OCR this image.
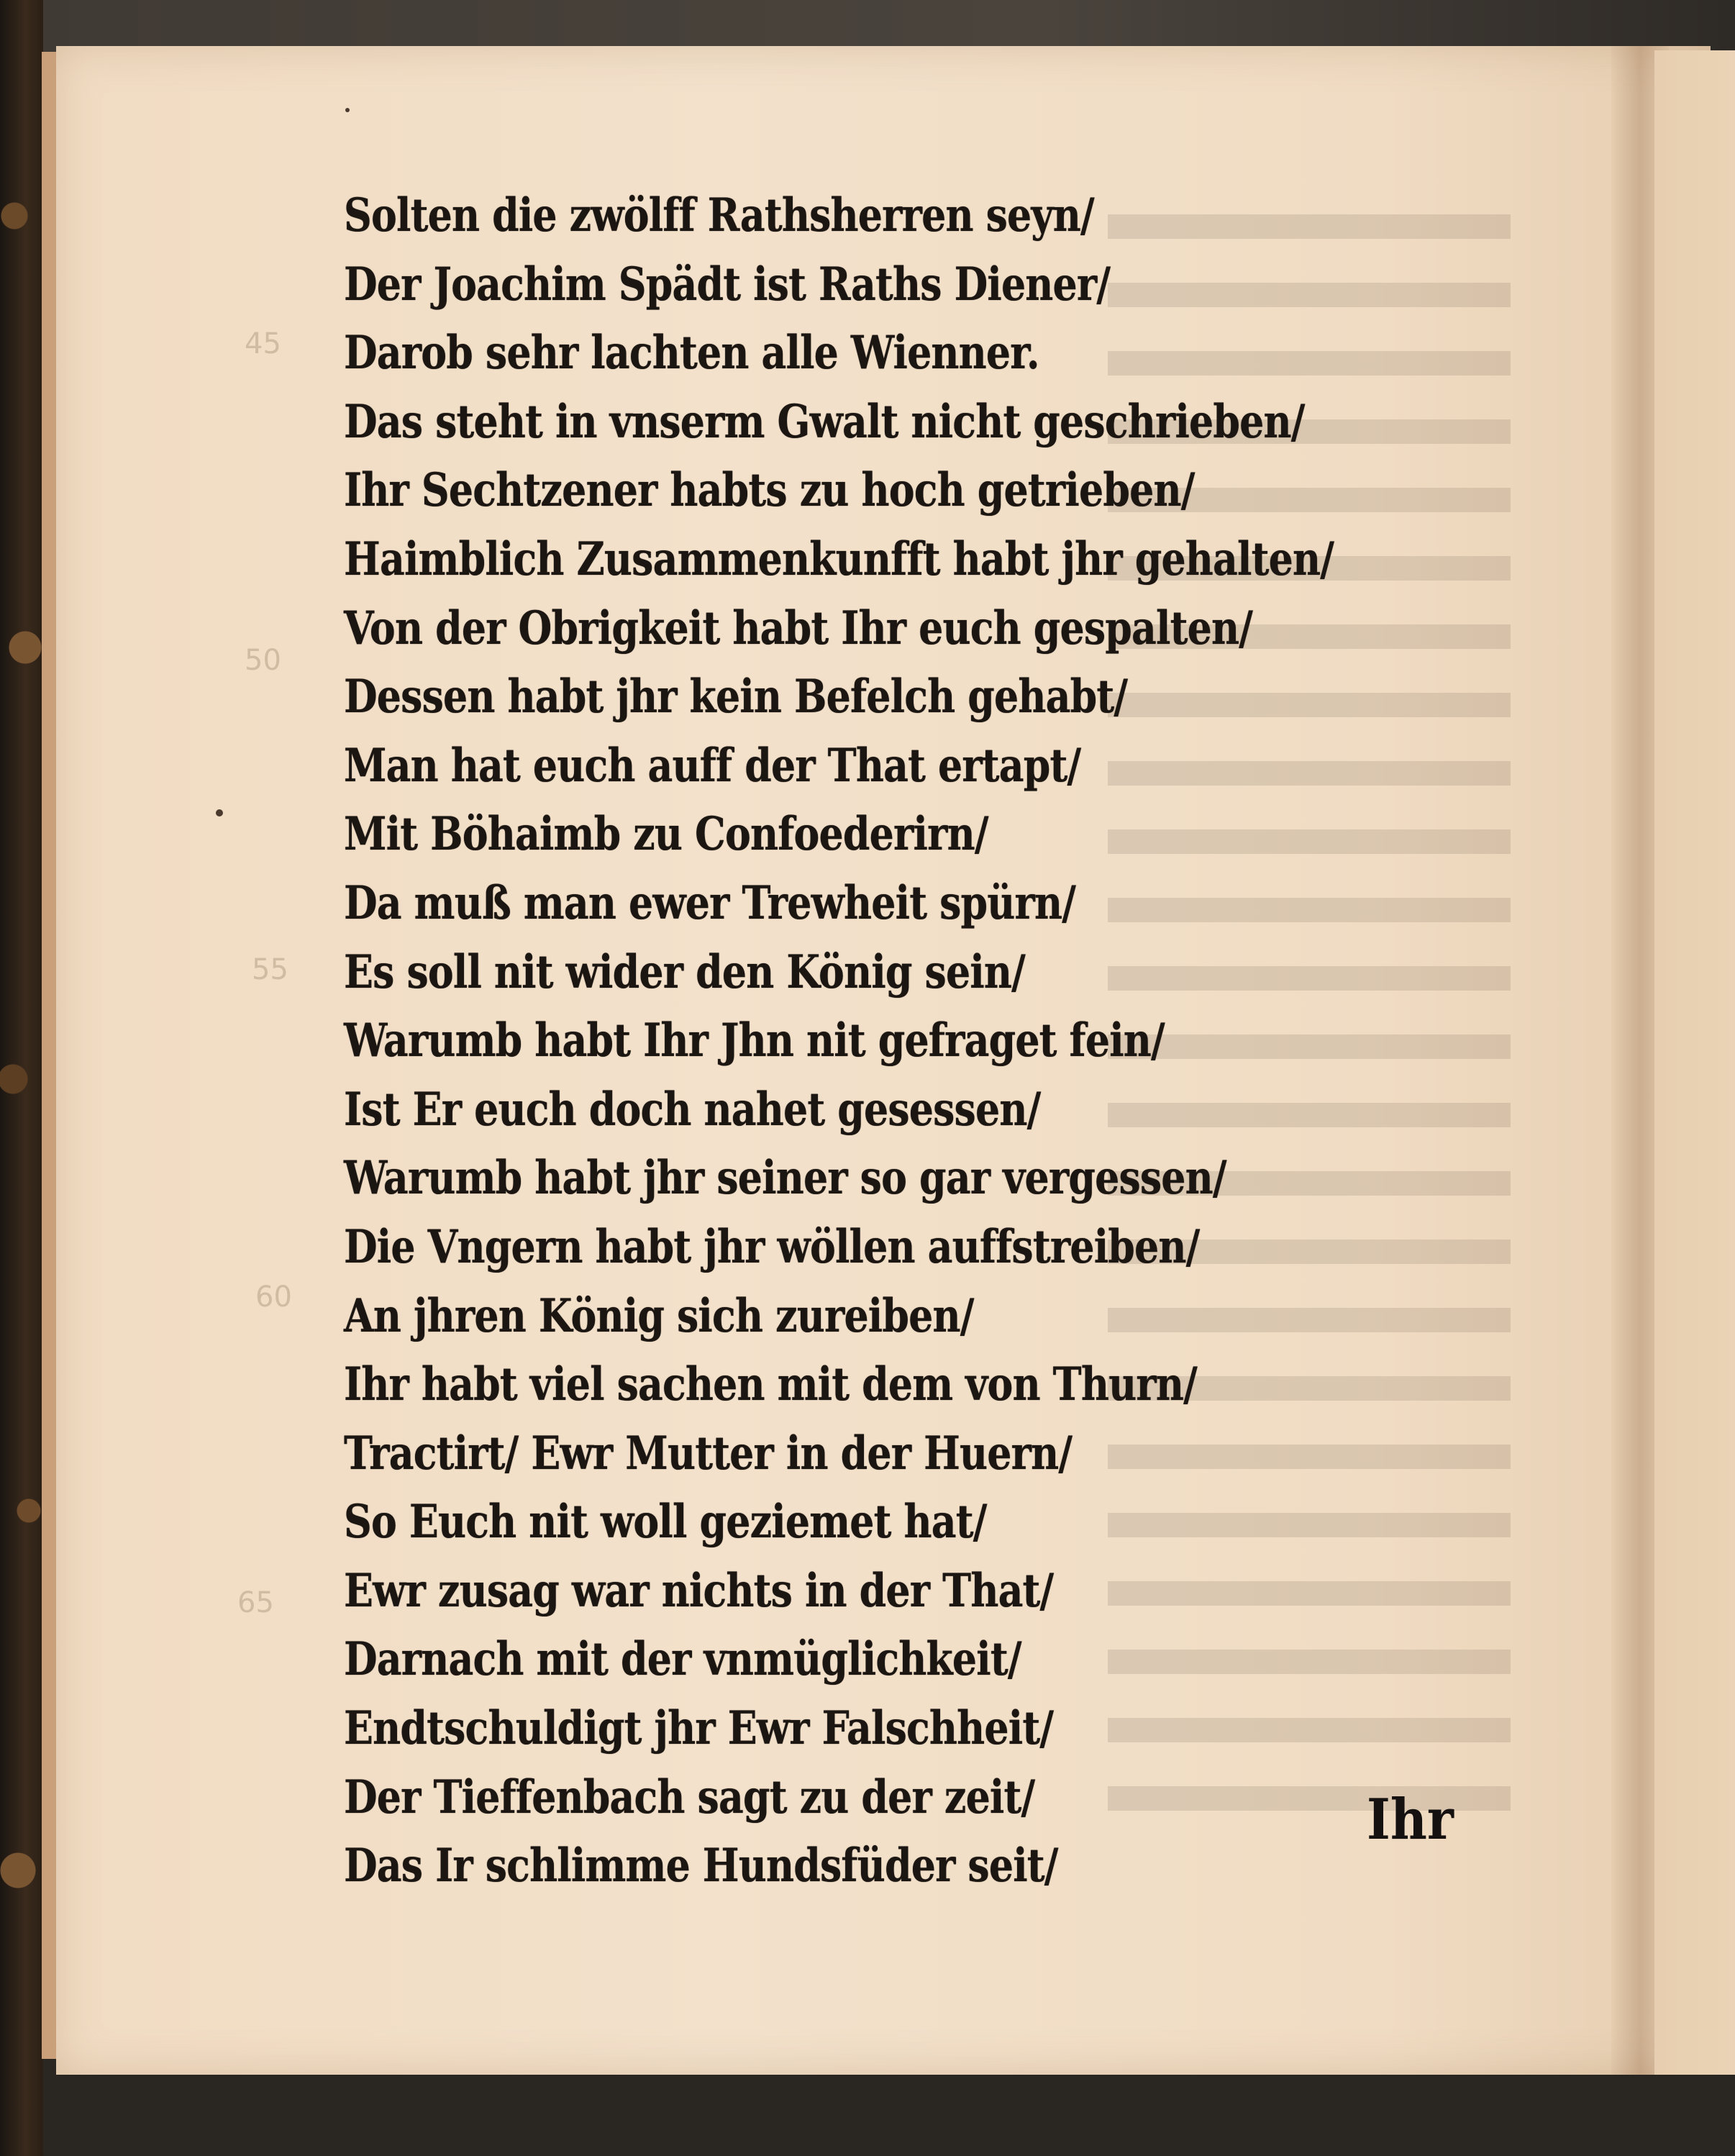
45
50
55
60
65
Solten die zwölff Rathsherren seyn/
Der Joachim Spädt ist Raths Diener/
Darob sehr lachten alle Wienner.
Das steht in vnserm Gwalt nicht geschrieben/
Ihr Sechtzener habts zu hoch getrieben/
Haimblich Zusammenkunfft habt jhr gehalten/
Von der Obrigkeit habt Ihr euch gespalten/
Dessen habt jhr kein Befelch gehabt/
Man hat euch auff der That ertapt/
Mit Böhaimb zu Confoederirn/
Da muß man ewer Trewheit spürn/
Es soll nit wider den König sein/
Warumb habt Ihr Jhn nit gefraget fein/
Ist Er euch doch nahet gesessen/
Warumb habt jhr seiner so gar vergessen/
Die Vngern habt jhr wöllen auffstreiben/
An jhren König sich zureiben/
Ihr habt viel sachen mit dem von Thurn/
Tractirt/ Ewr Mutter in der Huern/
So Euch nit woll geziemet hat/
Ewr zusag war nichts in der That/
Darnach mit der vnmüglichkeit/
Endtschuldigt jhr Ewr Falschheit/
Der Tieffenbach sagt zu der zeit/
Das Ir schlimme Hundsfüder seit/
Ihr
